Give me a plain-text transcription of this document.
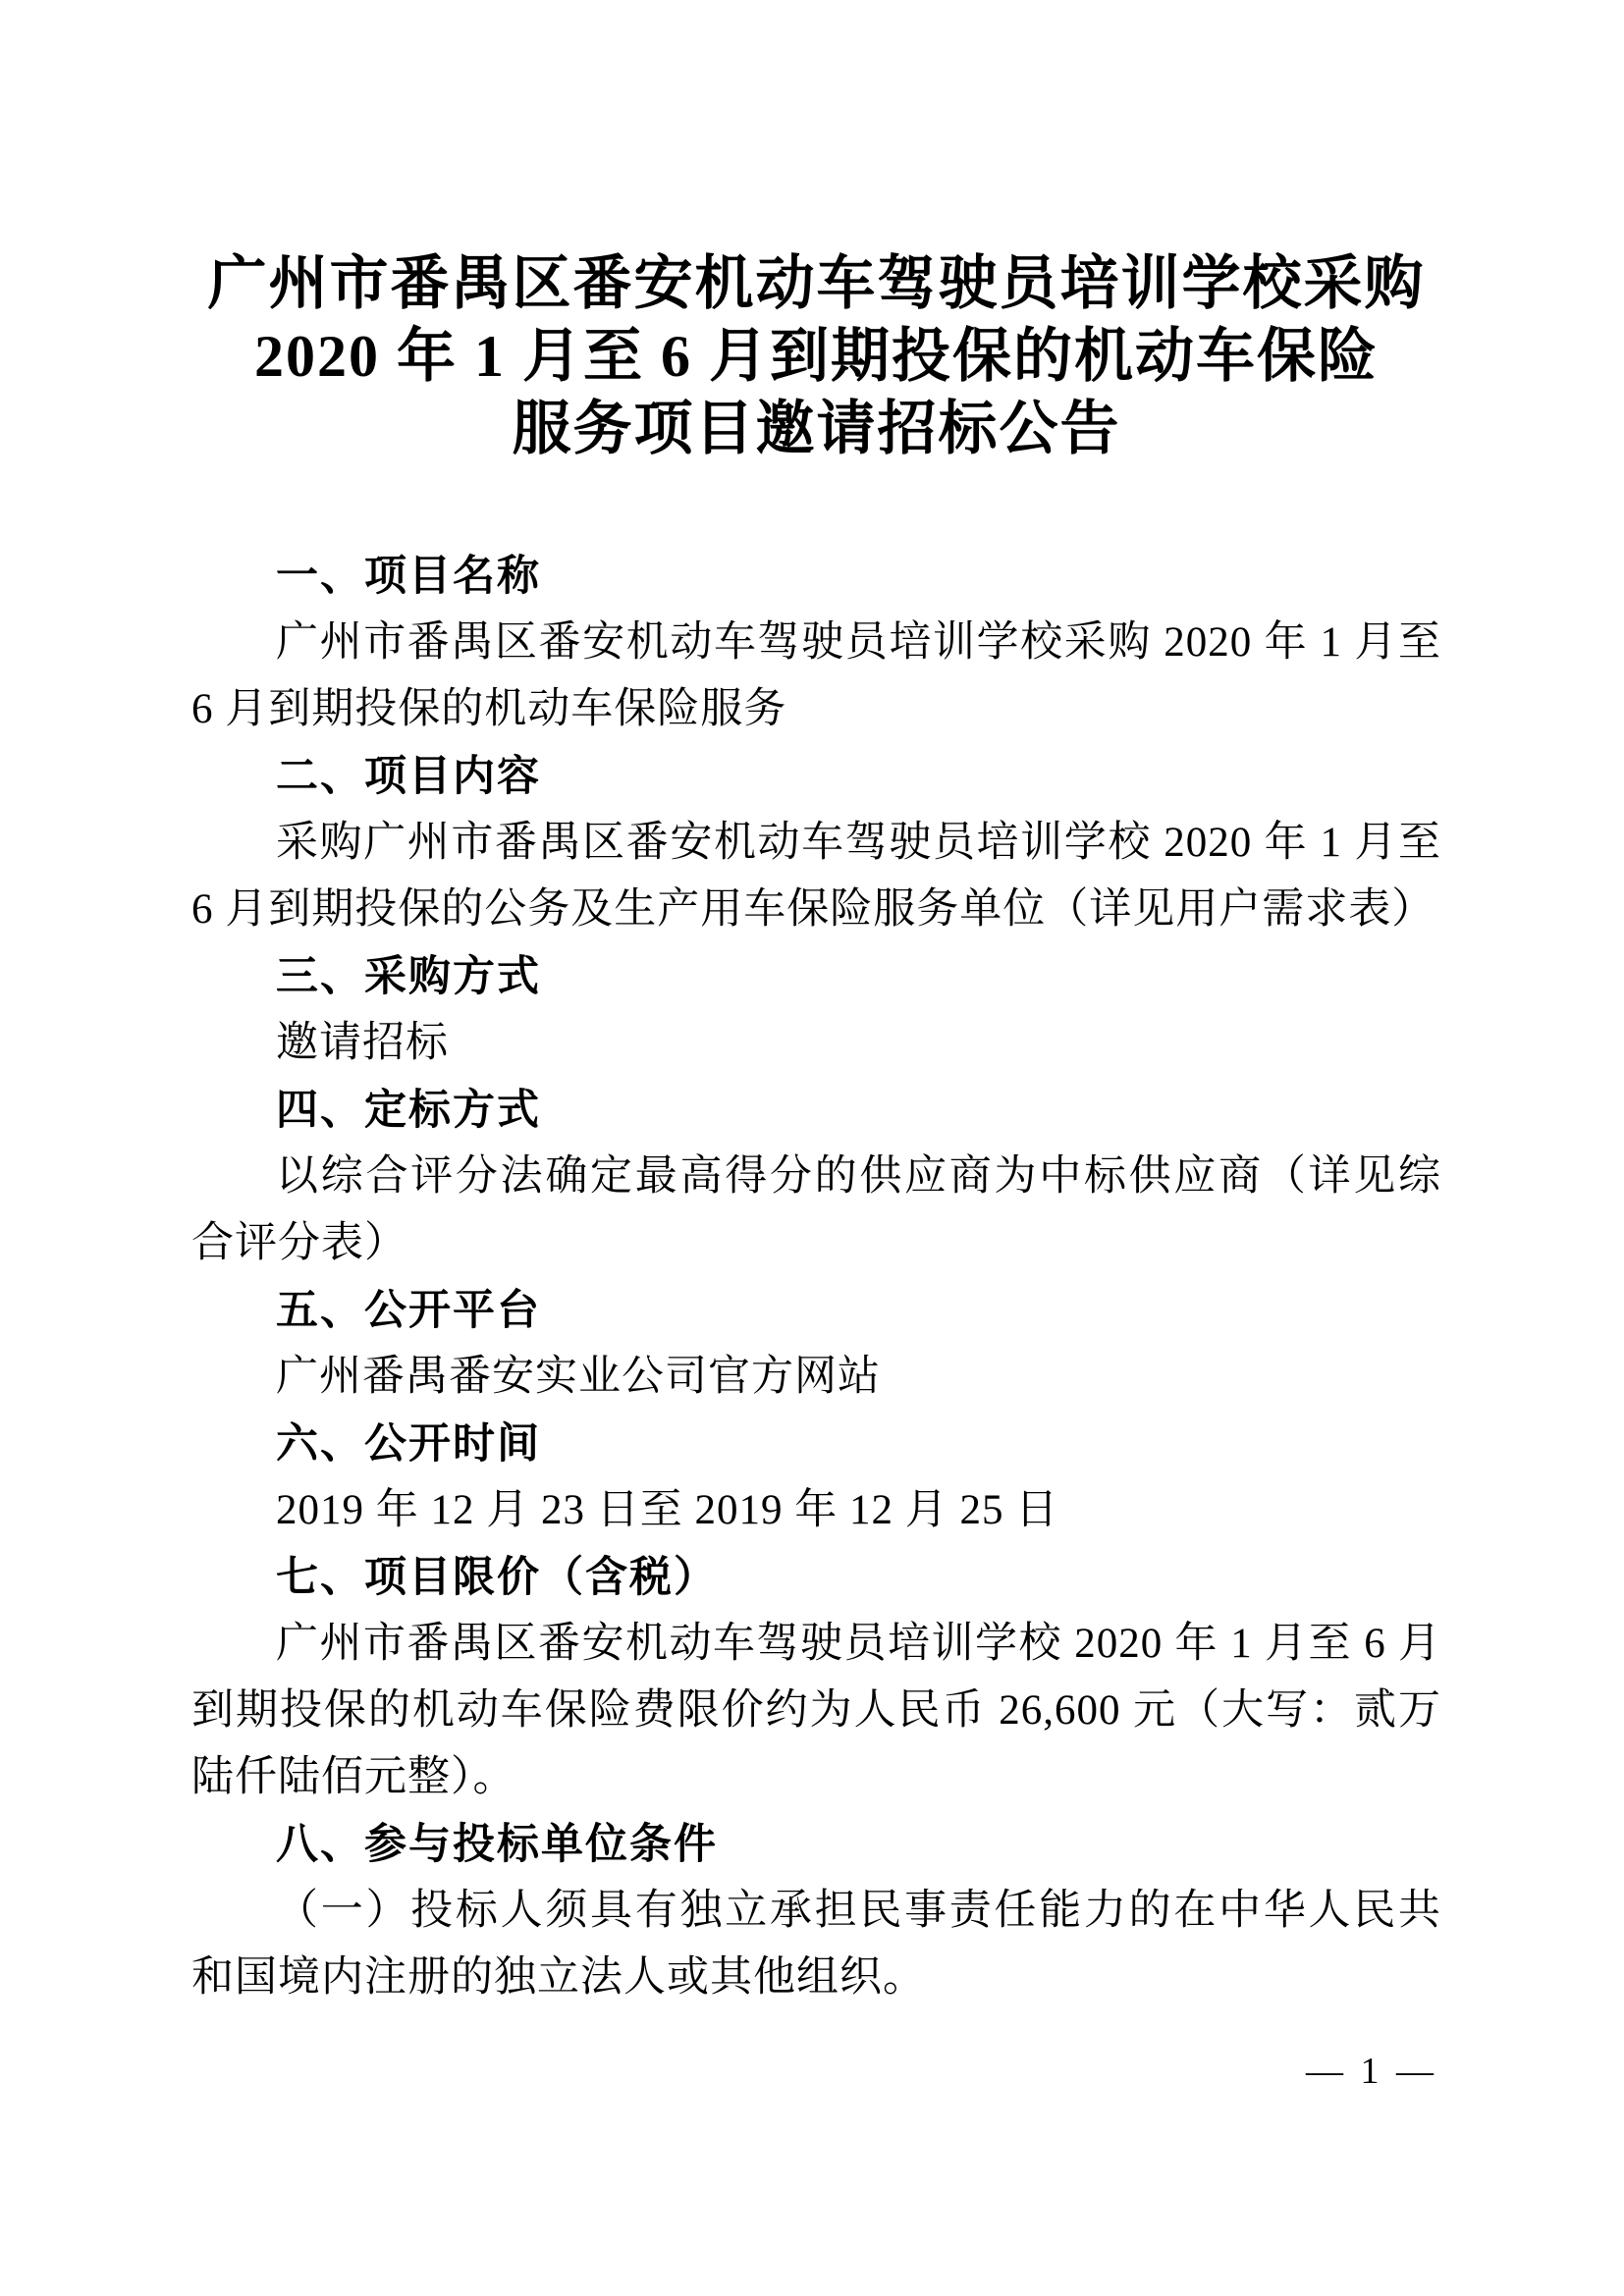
广州市番禺区番安机动车驾驶员培训学校采购
2020 年 1 月至 6 月到期投保的机动车保险
服务项目邀请招标公告
一、项目名称

广州市番禺区番安机动车驾驶员培训学校采购 2020 年 1 月至 6 月到期投保的机动车保险服务

二、项目内容

采购广州市番禺区番安机动车驾驶员培训学校 2020 年 1 月至 6 月到期投保的公务及生产用车保险服务单位（详见用户需求表）

三、采购方式

邀请招标

四、定标方式

以综合评分法确定最高得分的供应商为中标供应商（详见综合评分表）

五、公开平台

广州番禺番安实业公司官方网站

六、公开时间

2019 年 12 月 23 日至 2019 年 12 月 25 日

七、项目限价（含税）

广州市番禺区番安机动车驾驶员培训学校 2020 年 1 月至 6 月到期投保的机动车保险费限价约为人民币 26,600 元（大写：贰万陆仟陆佰元整）。

八、参与投标单位条件

（一）投标人须具有独立承担民事责任能力的在中华人民共和国境内注册的独立法人或其他组织。

— 1 —
